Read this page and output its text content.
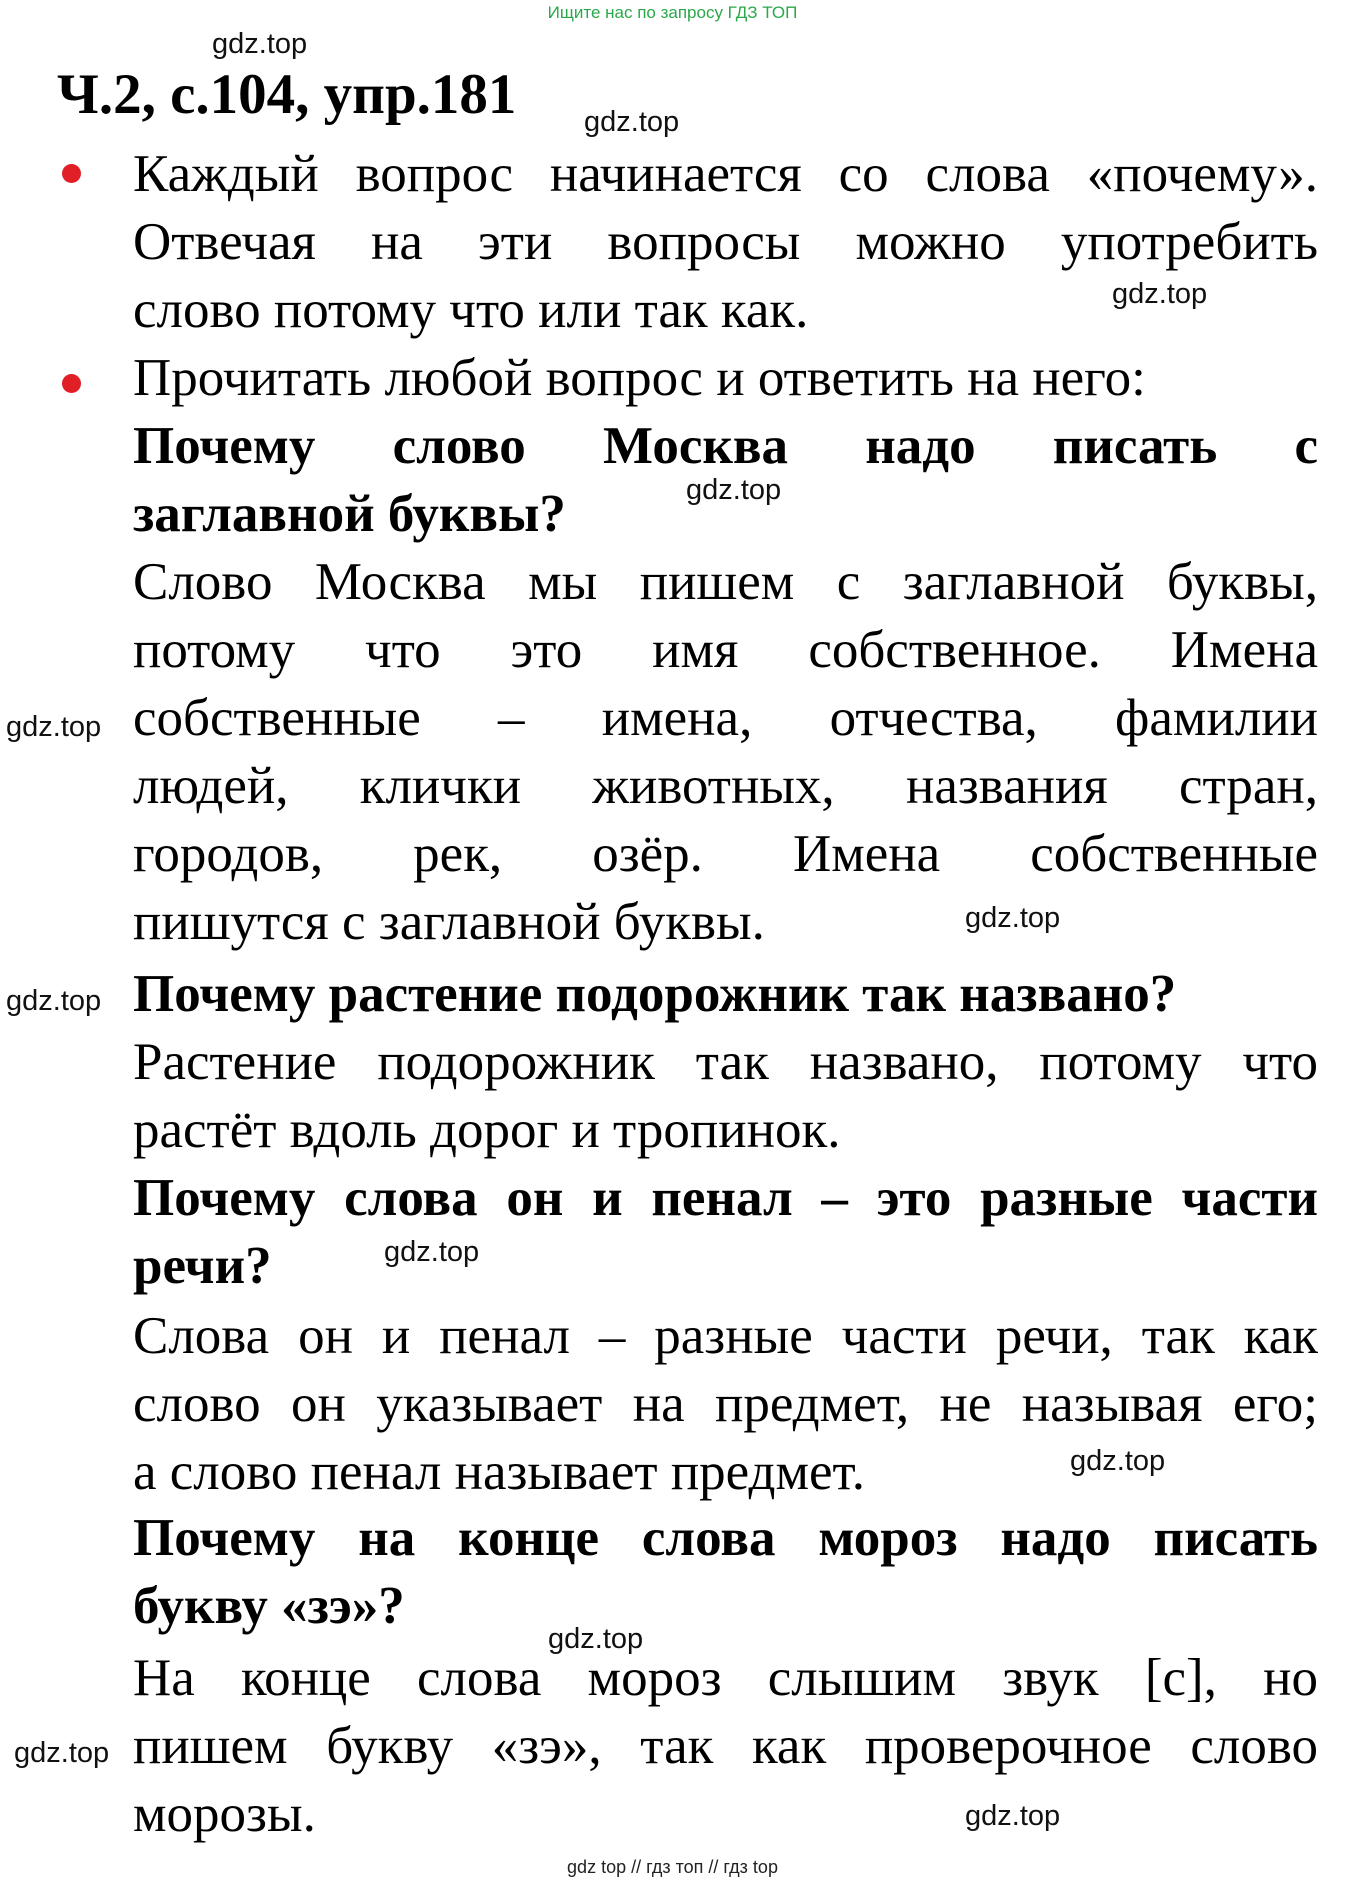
Ищите нас по запросу ГДЗ ТОП
Ч.2, с.104, упр.181
Каждый вопрос начинается со слова «почему».
Отвечая на эти вопросы можно употребить
слово потому что или так как.
Прочитать любой вопрос и ответить на него:
Почему слово Москва надо писать с
заглавной буквы?
Слово Москва мы пишем с заглавной буквы,
потому что это имя собственное. Имена
собственные – имена, отчества, фамилии
людей, клички животных, названия стран,
городов, рек, озёр. Имена собственные
пишутся с заглавной буквы.
Почему растение подорожник так названо?
Растение подорожник так названо, потому что
растёт вдоль дорог и тропинок.
Почему слова он и пенал – это разные части
речи?
Слова он и пенал – разные части речи, так как
слово он указывает на предмет, не называя его;
а слово пенал называет предмет.
Почему на конце слова мороз надо писать
букву «зэ»?
На конце слова мороз слышим звук [с], но
пишем букву «зэ», так как проверочное слово
морозы.
gdz.top
gdz.top
gdz.top
gdz.top
gdz.top
gdz.top
gdz.top
gdz.top
gdz.top
gdz.top
gdz.top
gdz.top
gdz top // гдз топ // гдз top
